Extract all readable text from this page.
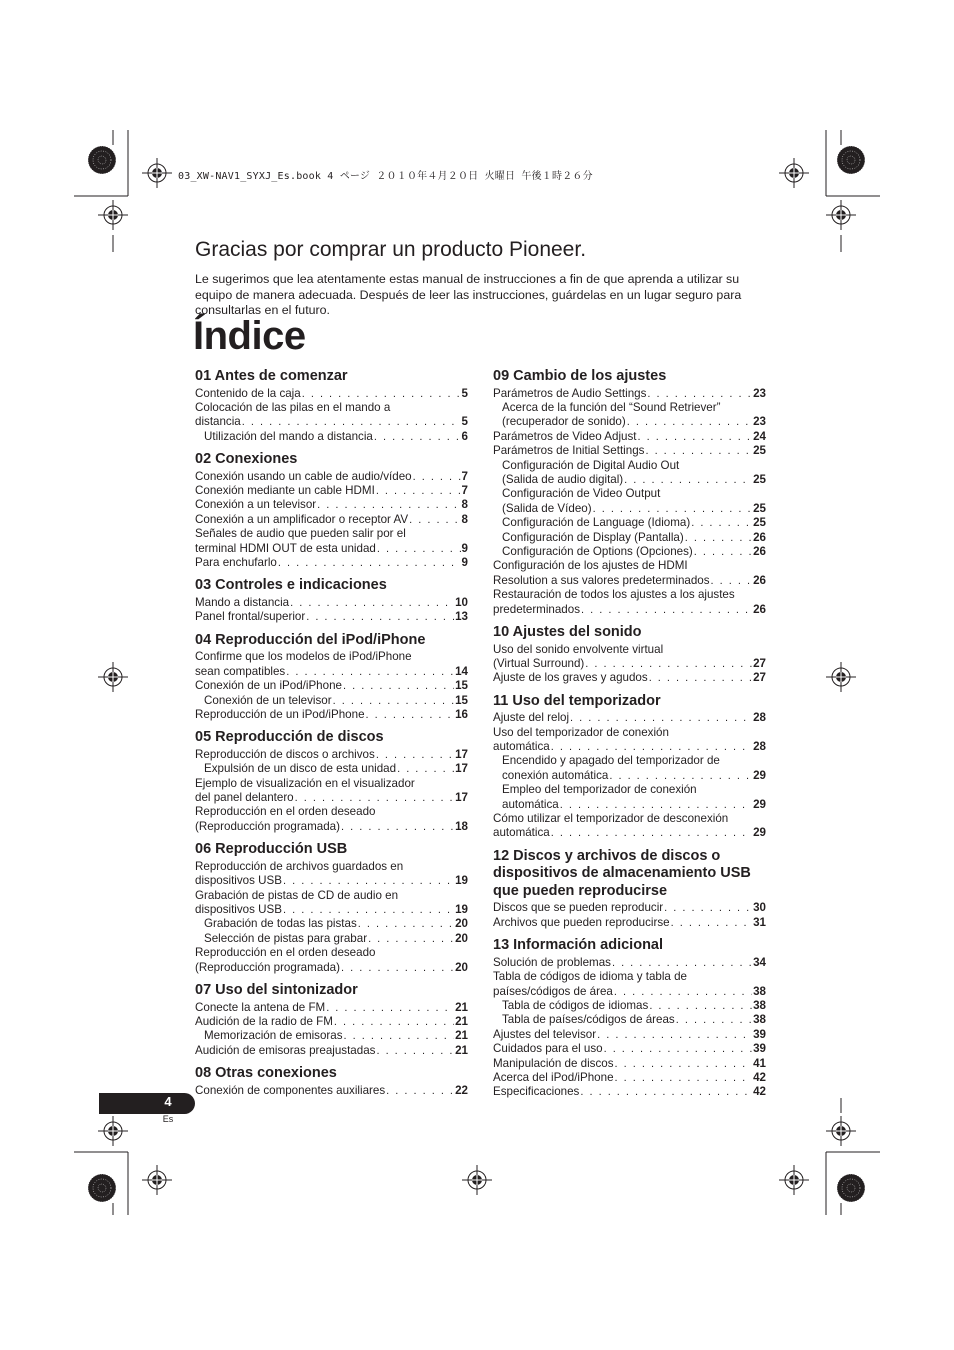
03_XW-NAV1_SYXJ_Es.book 4 ページ ２０１０年４月２０日 火曜日 午後１時２６分
Gracias por comprar un producto Pioneer.
Le sugerimos que lea atentamente estas manual de instrucciones a fin de que aprenda a utilizar su equipo de manera adecuada. Después de leer las instrucciones, guárdelas en un lugar seguro para consultarlas en el futuro.
Índice
01 Antes de comenzar
Contenido de la caja . . .	5
Colocación de las pilas en el mando a
distancia . . .	5
Utilización del mando a distancia . . .	6
02 Conexiones
Conexión usando un cable de audio/vídeo . . .	7
Conexión mediante un cable HDMI . . .	7
Conexión a un televisor . . .	8
Conexión a un amplificador o receptor AV . . .	8
Señales de audio que pueden salir por el
terminal HDMI OUT de esta unidad . . .	9
Para enchufarlo . . .	9
03 Controles e indicaciones
Mando a distancia . . .	10
Panel frontal/superior . . .	13
04 Reproducción del iPod/iPhone
Confirme que los modelos de iPod/iPhone
sean compatibles . . .	14
Conexión de un iPod/iPhone . . .	15
Conexión de un televisor . . .	15
Reproducción de un iPod/iPhone . . .	16
05 Reproducción de discos
Reproducción de discos o archivos . . .	17
Expulsión de un disco de esta unidad . . .	17
Ejemplo de visualización en el visualizador
del panel delantero . . .	17
Reproducción en el orden deseado
(Reproducción programada) . . .	18
06 Reproducción USB
Reproducción de archivos guardados en
dispositivos USB . . .	19
Grabación de pistas de CD de audio en
dispositivos USB . . .	19
Grabación de todas las pistas . . .	20
Selección de pistas para grabar . . .	20
Reproducción en el orden deseado
(Reproducción programada) . . .	20
07 Uso del sintonizador
Conecte la antena de FM . . .	21
Audición de la radio de FM . . .	21
Memorización de emisoras . . .	21
Audición de emisoras preajustadas . . .	21
08 Otras conexiones
Conexión de componentes auxiliares . . .	22
09 Cambio de los ajustes
Parámetros de Audio Settings . . .	23
Acerca de la función del “Sound Retriever”
(recuperador de sonido) . . .	23
Parámetros de Video Adjust . . .	24
Parámetros de Initial Settings . . .	25
Configuración de Digital Audio Out
(Salida de audio digital) . . .	25
Configuración de Video Output
(Salida de Vídeo) . . .	25
Configuración de Language (Idioma) . . .	25
Configuración de Display (Pantalla) . . .	26
Configuración de Options (Opciones) . . .	26
Configuración de los ajustes de HDMI
Resolution a sus valores predeterminados . . .	26
Restauración de todos los ajustes a los ajustes
predeterminados . . .	26
10 Ajustes del sonido
Uso del sonido envolvente virtual
(Virtual Surround) . . .	27
Ajuste de los graves y agudos . . .	27
11 Uso del temporizador
Ajuste del reloj . . .	28
Uso del temporizador de conexión
automática . . .	28
Encendido y apagado del temporizador de
conexión automática . . .	29
Empleo del temporizador de conexión
automática . . .	29
Cómo utilizar el temporizador de desconexión
automática . . .	29
12 Discos y archivos de discos o dispositivos de almacenamiento USB que pueden reproducirse
Discos que se pueden reproducir . . .	30
Archivos que pueden reproducirse . . .	31
13 Información adicional
Solución de problemas . . .	34
Tabla de códigos de idioma y tabla de
países/códigos de área . . .	38
Tabla de códigos de idiomas . . .	38
Tabla de países/códigos de áreas . . .	38
Ajustes del televisor . . .	39
Cuidados para el uso . . .	39
Manipulación de discos . . .	41
Acerca del iPod/iPhone . . .	42
Especificaciones . . .	42
4
Es
